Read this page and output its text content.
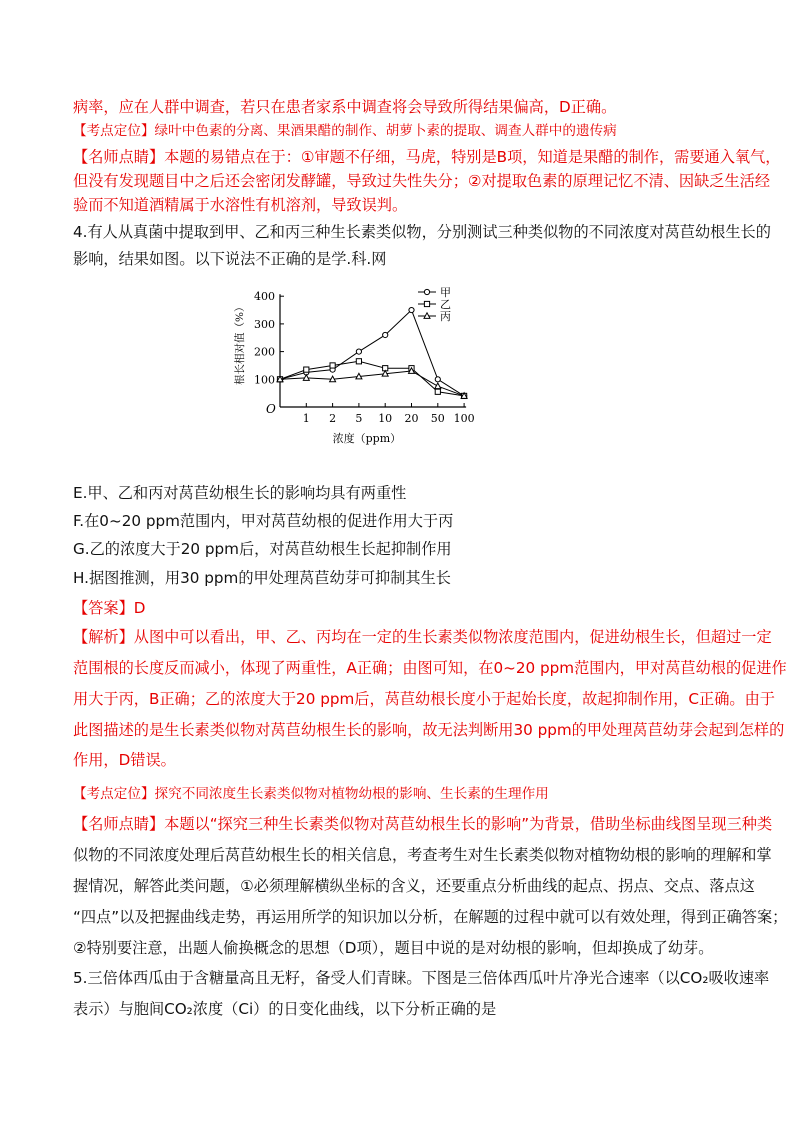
病率，应在人群中调查，若只在患者家系中调查将会导致所得结果偏高，D正确。
【考点定位】绿叶中色素的分离、果酒果醋的制作、胡萝卜素的提取、调查人群中的遗传病
【名师点睛】本题的易错点在于：①审题不仔细，马虎，特别是B项，知道是果醋的制作，需要通入氧气，
但没有发现题目中之后还会密闭发酵罐，导致过失性失分；②对提取色素的原理记忆不清、因缺乏生活经
验而不知道酒精属于水溶性有机溶剂，导致误判。
4.有人从真菌中提取到甲、乙和丙三种生长素类似物，分别测试三种类似物的不同浓度对莴苣幼根生长的
影响，结果如图。以下说法不正确的是学.科.网
100
200
300
400
1 2 5 10 20 50 100
O
浓度（ppm）
根长相对值（%）
甲
乙
丙
E.甲、乙和丙对莴苣幼根生长的影响均具有两重性
F.在0~20 ppm范围内，甲对莴苣幼根的促进作用大于丙
G.乙的浓度大于20 ppm后，对莴苣幼根生长起抑制作用
H.据图推测，用30 ppm的甲处理莴苣幼芽可抑制其生长
【答案】D
【解析】从图中可以看出，甲、乙、丙均在一定的生长素类似物浓度范围内，促进幼根生长，但超过一定
范围根的长度反而减小，体现了两重性，A正确；由图可知，在0~20 ppm范围内，甲对莴苣幼根的促进作
用大于丙，B正确；乙的浓度大于20 ppm后，莴苣幼根长度小于起始长度，故起抑制作用，C正确。由于
此图描述的是生长素类似物对莴苣幼根生长的影响，故无法判断用30 ppm的甲处理莴苣幼芽会起到怎样的
作用，D错误。
【考点定位】探究不同浓度生长素类似物对植物幼根的影响、生长素的生理作用
【名师点睛】本题以“探究三种生长素类似物对莴苣幼根生长的影响”为背景，借助坐标曲线图呈现三种类
似物的不同浓度处理后莴苣幼根生长的相关信息，考查考生对生长素类似物对植物幼根的影响的理解和掌
握情况，解答此类问题，①必须理解横纵坐标的含义，还要重点分析曲线的起点、拐点、交点、落点这
“四点”以及把握曲线走势，再运用所学的知识加以分析，在解题的过程中就可以有效处理，得到正确答案；
②特别要注意，出题人偷换概念的思想（D项），题目中说的是对幼根的影响，但却换成了幼芽。
5.三倍体西瓜由于含糖量高且无籽，备受人们青睐。下图是三倍体西瓜叶片净光合速率（以CO₂吸收速率
表示）与胞间CO₂浓度（Ci）的日变化曲线，以下分析正确的是
